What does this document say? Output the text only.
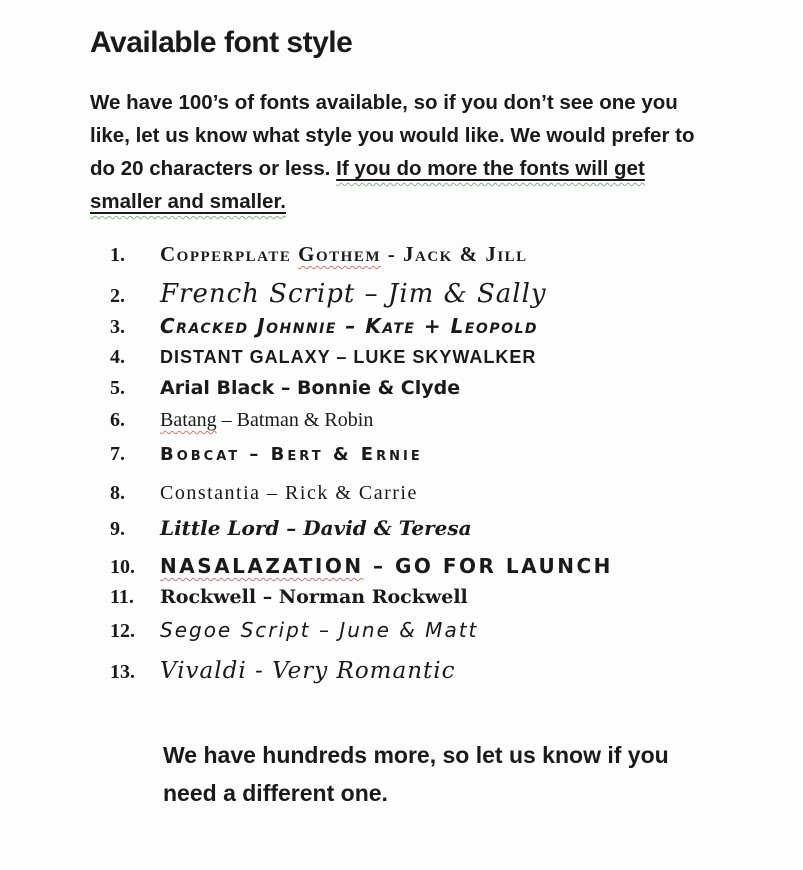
Available font style

We have 100’s of fonts available, so if you don’t see one you like, let us know what style you would like. We would prefer to do 20 characters or less. If you do more the fonts will get smaller and smaller.

1.	Copperplate Gothem - Jack & Jill
2.	French Script – Jim & Sally
3.	Cracked Johnnie – Kate + Leopold
4.	DISTANT GALAXY – LUKE SKYWALKER
5.	Arial Black – Bonnie & Clyde
6.	Batang – Batman & Robin
7.	Bobcat – Bert & Ernie
8.	Constantia – Rick & Carrie
9.	Little Lord – David & Teresa
10.	NASALAZATION – GO FOR LAUNCH
11.	Rockwell – Norman Rockwell
12.	Segoe Script – June & Matt
13.	Vivaldi - Very Romantic

We have hundreds more, so let us know if you need a different one.
